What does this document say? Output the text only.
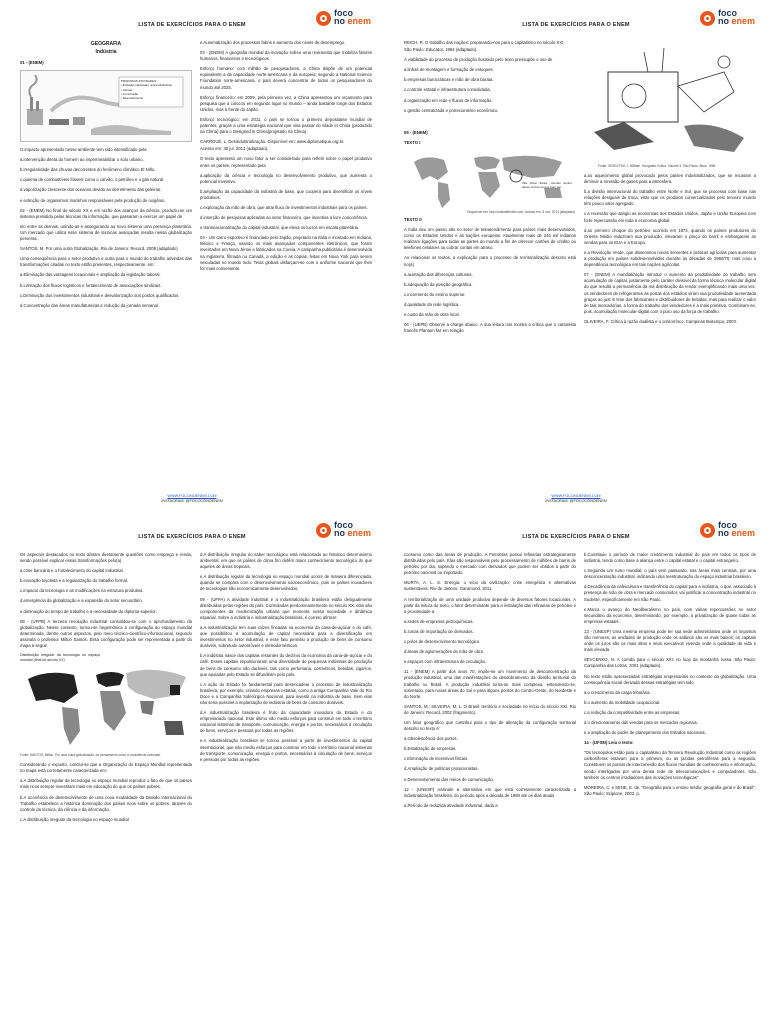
LISTA DE EXERCÍCIOS PARA O ENEM
foco
no enem
GEOGRAFIA
Indústria

01 - (ENEM)

PRINCIPAIS ATIVIDADES
• Emissão industriais, automobilísticas
• Usinas
• Construção
• Desmatamento

O impacto apresentado nesse ambiente tem sido intensificado pela

a.intervenção direta do homem ao impermeabilizar o solo urbano.

b.irregularidade das chuvas decorrentes do fenômeno climático El Niño.

c.queima de combustíveis fósseis como o carvão, o petróleo e o gás natural.

d.vaporização crescente dos oceanos devido ao derretimento das geleiras.

e.extinção de organismos marinhos responsáveis pela produção de oxigênio.

02 - (ENEM) No final do século XX e em razão dos avanços da ciência, produziu-se um sistema presidido pelas técnicas da informação, que passaram a exercer um papel de

elo entre as demais, unindo-as e assegurando ao novo sistema uma presença planetária. Um mercado que utiliza esse sistema de técnicas avançadas resulta nessa globalização perversa.

SANTOS, M. Por uma outra Globalização. Rio de Janeiro: Record, 2008 (adaptado)

Uma consequência para o setor produtivo e outra para o mundo do trabalho advindas das transformações citadas no texto estão presentes, respectivamente, em:

a.Eliminação das vantagens locacionais e ampliação da legislação laboral.

b.Limitação dos fluxos logísticos e fortalecimento de associações sindicais.

c.Diminuição dos investimentos industriais e desvalorização dos postos qualificados.

d.Concentração das áreas manufatureiras e redução da jornada semanal.

e.Automatização dos processos fabris e aumento dos níveis de desemprego.

03 - (ENEM) A geografia mundial da inovação sofreu uma reviravolta que mobiliza fatores humanos, financeiros e tecnológicos.

Esforço humano: com milhão de pesquisadores, a China dispõe de um potencial equivalente a da capacidade norte-americana e da europeia; segundo a National Science Foundation norte-americana, o país deverá concentrar de todos os pesquisadores do mundo até 2025.

Esforço financeiro: em 2009, pela primeira vez, a China apresentou um orçamento para pesquisa que a colocou em segundo lugar no mundo – ainda bastante longe dos Estados Unidos, mas à frente do Japão.

Esforço tecnológico: em 2011, o país se tornou o primeiro depositante mundial de patentes, graças a uma estratégia nacional que visa passar do Made in China (produzido na China) para o Designed in China(projetado na China).

CARROUÉ, L. Desindustrialização. Disponível em: www.diplomatique.org.br.

Acesso em: 30 jul. 2013 (adaptado).

O texto apresenta um novo fator a ser considerado para refletir sobre o papel produtivo entre os países, representado pela

a.aplicação da ciência e tecnologia no desenvolvimento produtivo, que aumenta o potencial inventivo.

b.ampliação da capacidade da indústria de base, que coopera para diversificar os níveis produtivos.

c.exploração da mão de obra, que atrai fluxo de investimentos industriais para os países.

d.inserção de pesquisas aplicadas ao setor financeiro, que incentiva a livre concorrência.

e.transnacionalização do capital industrial, que eleva os lucros em escala planetária.

04 - Um carro esportivo é financiado pelo Japão, projetado na Itália e montado em Indiana, México e França, usando os mais avançados componentes eletrônicos, que foram inventados em Nova Jérsei e fabricados na Coreia. A campanha publicitária é desenvolvida na Inglaterra, filmada no Canadá, a edição e as cópias, feitas em Nova York para serem veiculadas no mundo todo. Teias globais disfarçam-se com o uniforme nacional que lhes for mais conveniente.

WWW.FOCONOENEM.COM
INSTAGRAM: @FOCOCONOENEM
LISTA DE EXERCÍCIOS PARA O ENEM
foco
no enem

REICH, R. O trabalho das nações: preparando-nos para o capitalismo no século XXI.

São Paulo: Educator, 1994 (adaptado).

A viabilidade do processo de produção ilustrado pelo texto pressupõe o uso de

a.linhas de montagem e formação de estoques.

b.empresas burocráticas e mão de obra barata.

c.controle estatal e infraestrutura consolidada.

d.organização em rede e fluxos de informação.

e.gestão centralizada e protecionismo econômico.

05 - (ENEM)

TEXTO I

Vila Nova Santa: vivendo dentro desse círculo só que bem ele.
Disponível em: http://outsidethefan.com. Acesso em: 5 nov. 2013 (adaptado).

TEXTO II

A Índia deu um passo alto no setor de teleatendimento para países mais desenvolvidos, como os Estados Unidos e as nações europeias. Atualmente mais de 245 mil indianos realizam ligações para todas as partes do mundo a fim de oferecer cartões de crédito ou telefones celulares ou cobrar contas em atraso.

Ao relacionar os textos, a explicação para o processo de territorialização descrito está no(a)

a.aceitação das diferenças culturais.

b.adequação da posição geográfica.

c.incremento do ensino superior.

d.qualidade da rede logística.

e.custo da mão de obra local.

06 - (UEPB) Observe a charge abaixo. A sua leitura nos mostra a crítica que o cartunista francês Plantum faz em relação

Fonte: VESENTINI, J. William. Geografia Crítica. Volume 3. São Paulo: Ática, 1996.

a.ao aquecimento global provocado pelos países industrializados, que se recusam a diminuir a emissão de gases para a atmosfera.

b.a divisão internacional do trabalho entre Norte e Sul, que se processa com base nas relações desiguais de troca, visto que os produtos comercializados pelo terceiro mundo têm pouco valor agregado.

c.a recessão que atingiu as economias dos Estados Unidos, Japão e União Europeia com forte repercussão em toda a economia global.

d.ao primeiro choque do petróleo ocorrido em 1973, quando os países produtores do Oriente Médio reduziram sua produção, elevaram o preço do barril e embargaram as vendas para os EUA e a Europa.

e.a Revolução Verde, que disseminou novas sementes e práticas agrícolas para aumentar a produção em países subdesenvolvidos durante as décadas de 1960/70, mas criou a dependência tecnológica em tais nações agrícolas.

07 - (ENEM) A mundialização introduz o aumento da produtividade do trabalho sem acumulação de capital, justamente pelo caráter divisível da forma técnica molecular digital do que resulta a permanência da má distribuição da renda: exemplificando mais uma vez, os vendedores de refrigerantes às portas dos estádios viram sua produtividade aumentada graças ao just in time dos fabricantes e distribuidores de bebidas, mas para realizar o valor de tais mercadorias, a forma do trabalho dos vendedores é a mais primitiva. Combinam-se, pois, acumulação molecular-digital com o puro uso da força de trabalho.

OLIVEIRA, F. Crítica à razão dualista e o ornitorrinco. Campinas Boitempo, 2003.

WWW.FOCONOENEM.COM
INSTAGRAM: @FOCOCONOENEM
LISTA DE EXERCÍCIOS PARA O ENEM
foco
no enem

Os aspectos destacados no texto afetam diretamente questões como emprego e renda, sendo possível explicar essas transformações pelo(a)

a.crise bancária e o fortalecimento do capital industrial.

b.inovação toyotista e a regularização do trabalho formal.

c.impacto da tecnologia e as modificações na estrutura produtiva.

d.emergência da globalização e a expansão do setor secundário.

e.diminuição do tempo de trabalho e a necessidade do diploma superior.

08 - (UFPB) A terceira revolução industrial consolidou-se com o aprofundamento da globalização. Nesse contexto, tornou-se hegemônica a configuração do espaço mundial determinada, dentre outros aspectos, pelo meio técnico-científico-informacional, segundo assinala o professor Milton Santos. Essa configuração pode ser representada a partir do mapa a seguir.

Distribuição irregular da tecnologia no espaço mundial (final do século XX)
Fonte: SANTOS, Milton. Por uma outra globalização: do pensamento único à consciência universal.

Considerando o exposto, conclui-se que a Organização do Espaço Mundial representada no mapa está corretamente caracterizada em:

a.A distribuição regular da tecnologia no espaço mundial reproduz o fato de que os países mais ricos sempre investiram mais em educação do que os países pobres.

b.A ocorrência de desenvolvimento de uma nova modalidade da Divisão Internacional do Trabalho estabelece a histórica dominação dos países ricos sobre os pobres, através do controle da técnica, da ciência e da informação.

c.A distribuição irregular da tecnologia no espaço mundial

d.A distribuição irregular do saber tecnológico está relacionado ao histórico determinismo ambiental, em que os países de clima frio detêm maior conhecimento tecnológico do que aqueles de áreas tropicais.

e.A distribuição regular da tecnologia no espaço mundial ocorre de maneira diferenciada, quando se compara com o desenvolvimento socioeconômico, pois os países inovadores de tecnologias são economicamente desenvolvidos.

09 - (UFPA) A atividade industrial e a industrialização brasileira estão desigualmente distribuídas pelas regiões do país. Controladas predominantemente no século XX, elas são componentes da modernização urbana que reorienta nossa sociedade e dinâmica espacial. Sobre a indústria e industrialização brasileira, é correto afirmar:

a.A industrialização tem suas raízes fincadas na economia da cana-de-açúcar e do café, que possibilitou a acumulação de capital necessária para a diversificação em investimentos no setor industrial, e esse fato permitiu a produção de bens de consumo duráveis, sobretudo automóveis e eletrodomésticos.

b.A indústria nasce dos capitais restantes do declínio da economia da cana-de-açúcar e do café. Esses capitais impulsionaram uma diversidade de pequenas indústrias de produção de bens de consumo não duráveis, tais como perfumaria, cosméticos, bebidas, cigarros, que apoiadas pelo Estado se difundiram pelo país.

c.A ação do Estado foi fundamental para desencadear o processo de industrialização brasileira, por exemplo, criando empresas estatais, como a antiga Companhia Vale do Rio Doce e a Companhia Siderúrgica Nacional, para investir na indústria de base. Sem elas não seria possível a implantação de indústria de bens de consumo duráveis.

d.A industrialização brasileira é fruto da capacidade inovadora do Estado e do empresariado nacional. Este último não mediu esforços para construir em todo o território nacional sistemas de transporte, comunicação, energia e portos, necessários à circulação de bens, serviços e pessoas por todas as regiões.

e.A industrialização brasileira se tornou possível a partir de investimentos do capital internacional, que não mediu esforços para construir em todo o território nacional sistemas de transporte, comunicação, energia e portos, necessários à circulação de bens, serviços e pessoas por todas as regiões.

LISTA DE EXERCÍCIOS PARA O ENEM
foco
no enem

consumo como das áreas de produção. A Petrobras possui refinarias estrategicamente distribuídas pelo país. Elas são responsáveis pelo processamento de milhões de barris de petróleo por dia, suprindo o mercado com derivados que podem ser obtidos a partir do petróleo nacional ou importado.

MURTA, A. L. S. Energia: o vício da civilização; crise energética e alternativas sustentáveis. Rio de Janeiro: Garamond, 2011.

A territorialização de uma unidade produtiva depende de diversos fatores locacionais. A partir da leitura do texto, o fator determinante para a instalação das refinarias de petróleo é a proximidade a

a.sedes de empresas petroquímicas.

b.zonas de importação de derivados.

c.polos de desenvolvimento tecnológico.

d.áreas de aglomerações de mão de obra.

e.espaços com infraestrutura de circulação.

11 - (ENEM) A partir dos anos 70, impõe-se um movimento de desconcentração da produção industrial, uma das manifestações do desdobramento da divisão territorial do trabalho no Brasil. A produção industrial torna-se mais complexa, estendendo-se, sobretudo, para novas áreas do Sul e para alguns pontos do Centro-Oeste, do Nordeste e do Norte.

SANTOS, M.; SILVEIRA, M. L. O Brasil: território e sociedade no início do século XXI. Rio de Janeiro: Record, 2002 (fragmento).

Um fator geográfico que contribui para o tipo de alteração da configuração territorial descrito no texto é:

a.Obsolescência dos portos.

b.Estatização de empresas.

c.Eliminação de incentivos fiscais.

d.Ampliação de políticas protecionistas.

e.Desenvolvimento dos meios de comunicação.

12 - (UNESP) Assinale a alternativa em que está corretamente caracterizada a industrialização brasileira, do período após a década de 1980 até os dias atuais.

a.Período de reduzida atividade industrial, dada a

b.Constituiu o período de maior crescimento industrial do país em todos os tipos de indústria, tendo como base a aliança entre o capital estatal e o capital estrangeiro.

c.Seguindo um rumo mundial, o país vem passando, nas áreas mais centrais, por uma desconcentração industrial, indicando uma reestruturação do espaço industrial brasileiro.

d.Decadência da cafeicultura e transferência do capital para a indústria, o que, associado à presença de mão de obra e mercado consumidor, vai justificar a concentração industrial no Sudeste, especificamente em São Paulo.

e.Marca o avanço do Neoliberalismo no país, com várias repercussões no setor secundário da economia, determinando, por exemplo, a privatização de quase todas as empresas estatais.

13 - (UNESP) Uma mesma empresa pode ter sua sede administrativa onde os impostos são menores, as unidades de produção onde os salários são os mais baixos, os capitais onde os juros são os mais altos e seus executivos vivendo onde a qualidade de vida é mais elevada.

SEVCENKO, N. A corrida para o século XXI: no loop da montanha russa. São Paulo: Companhia das Letras, 2001 (adaptado).

No texto estão apresentadas estratégias empresariais no contexto da globalização. Uma consequência social derivada dessas estratégias tem sido

a.o crescimento da carga tributária.

b.o aumento da mobilidade ocupacional.

c.a redução da competitividade entre as empresas.

d.o direcionamento das vendas para os mercados regionais.

e.a ampliação do poder de planejamento dos Estados nacionais.

14 - (UFSM) Leia o texto:

"Os tecnopolos estão para o capitalismo da Terceira Revolução Industrial como as regiões carboníferas estavam para a primeira, ou as jazidas petrolíferas para a segunda. Constituem os pontos de interconexão dos fluxos mundiais de conhecimento e informação, sendo interligados por uma densa rede de telecomunicações e computadores. São também os centros irradiadores das inovações tecnológicas".

MOREIRA, C. e SENE, E. de. "Geografia para o ensino médio: geografia geral e do Brasil". São Paulo: Scipione, 2002. p.
